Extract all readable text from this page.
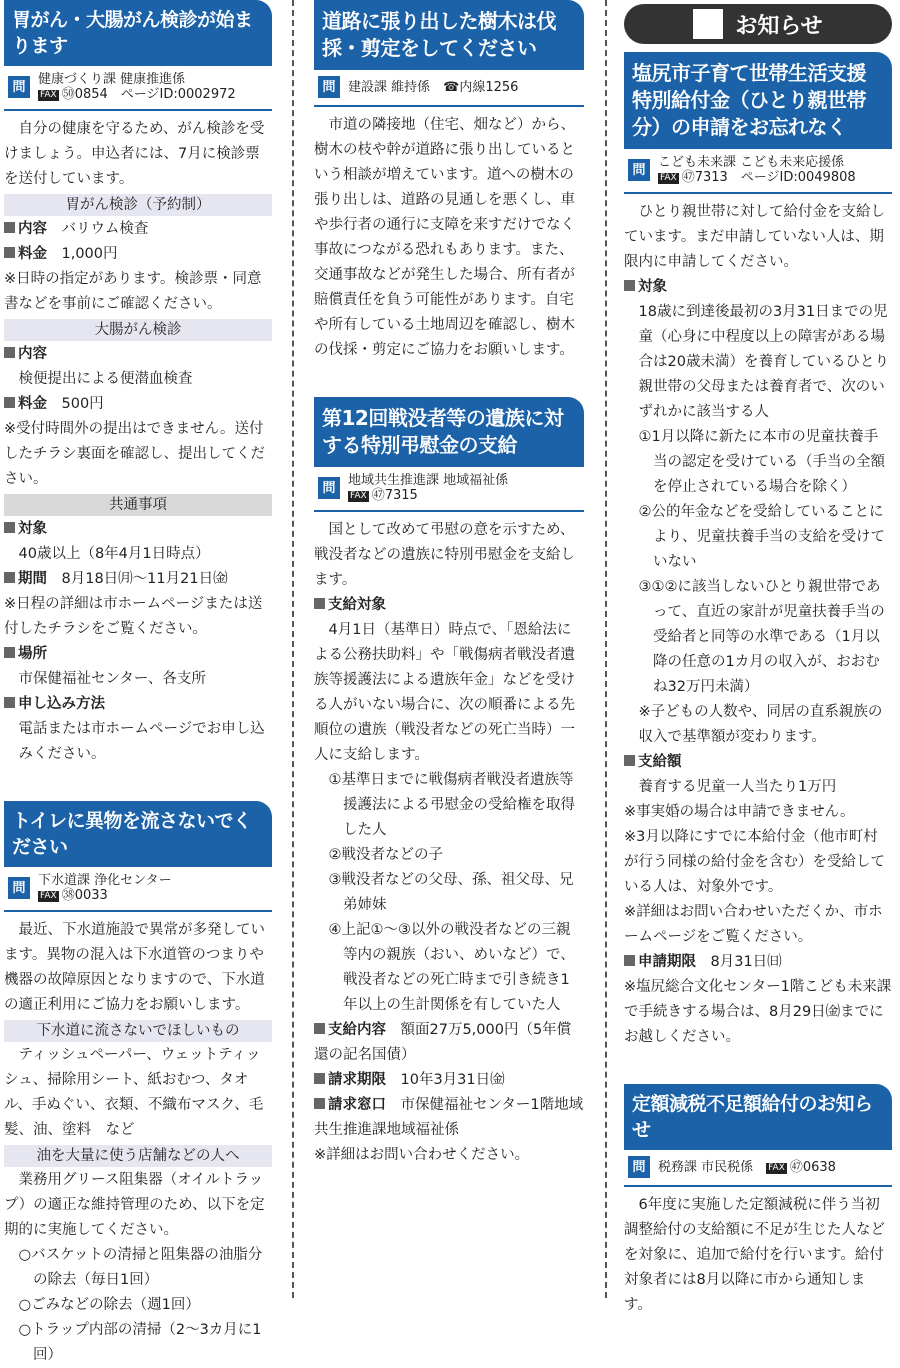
胃がん・大腸がん検診が始まります
問 健康づくり課 健康推進係
FAX ㊿0854　ページID:0002972

自分の健康を守るため、がん検診を受けましょう。申込者には、7月に検診票を送付しています。

胃がん検診（予約制）

内容　 バリウム検査

料金　 1,000円

※日時の指定があります。検診票・同意書などを事前にご確認ください。

大腸がん検診

内容

検便提出による便潜血検査

料金　 500円

※受付時間外の提出はできません。送付したチラシ裏面を確認し、提出してください。

共通事項

対象

40歳以上（8年4月1日時点）

期間　 8月18日㈪〜11月21日㈮

※日程の詳細は市ホームページまたは送付したチラシをご覧ください。

場所

市保健福祉センター、各支所

申し込み方法

電話または市ホームページでお申し込みください。

トイレに異物を流さないでください
問 下水道課 浄化センター
FAX ㊳0033

最近、下水道施設で異常が多発しています。異物の混入は下水道管のつまりや機器の故障原因となりますので、下水道の適正利用にご協力をお願いします。

下水道に流さないでほしいもの

ティッシュペーパー、ウェットティッシュ、掃除用シート、紙おむつ、タオル、手ぬぐい、衣類、不織布マスク、毛髪、油、塗料　など

油を大量に使う店舗などの人へ

業務用グリース阻集器（オイルトラップ）の適正な維持管理のため、以下を定期的に実施してください。

○バスケットの清掃と阻集器の油脂分の除去（毎日1回）

○ごみなどの除去（週1回）

○トラップ内部の清掃（2〜3カ月に1回）

道路に張り出した樹木は伐採・剪定をしてください
問 建設課 維持係　 ☎内線1256

市道の隣接地（住宅、畑など）から、樹木の枝や幹が道路に張り出しているという相談が増えています。道への樹木の張り出しは、道路の見通しを悪くし、車や歩行者の通行に支障を来すだけでなく事故につながる恐れもあります。また、交通事故などが発生した場合、所有者が賠償責任を負う可能性があります。自宅や所有している土地周辺を確認し、樹木の伐採・剪定にご協力をお願いします。

第12回戦没者等の遺族に対する特別弔慰金の支給
問 地域共生推進課 地域福祉係
FAX ㊼7315

国として改めて弔慰の意を示すため、戦没者などの遺族に特別弔慰金を支給します。

支給対象

4月1日（基準日）時点で、「恩給法による公務扶助料」や「戦傷病者戦没者遺族等援護法による遺族年金」などを受ける人がいない場合に、次の順番による先順位の遺族（戦没者などの死亡当時）一人に支給します。

①基準日までに戦傷病者戦没者遺族等援護法による弔慰金の受給権を取得した人

②戦没者などの子

③戦没者などの父母、孫、祖父母、兄弟姉妹

④上記①〜③以外の戦没者などの三親等内の親族（おい、めいなど）で、戦没者などの死亡時まで引き続き1年以上の生計関係を有していた人

支給内容　 額面27万5,000円（5年償還の記名国債）

請求期限　 10年3月31日㈮

請求窓口　 市保健福祉センター1階地域共生推進課地域福祉係

※詳細はお問い合わせください。

お知らせ
塩尻市子育て世帯生活支援特別給付金（ひとり親世帯分）の申請をお忘れなく
問 こども未来課 こども未来応援係
FAX ㊼7313　ページID:0049808

ひとり親世帯に対して給付金を支給しています。まだ申請していない人は、期限内に申請してください。

対象

18歳に到達後最初の3月31日までの児童（心身に中程度以上の障害がある場合は20歳未満）を養育しているひとり親世帯の父母または養育者で、次のいずれかに該当する人

①1月以降に新たに本市の児童扶養手当の認定を受けている（手当の全額を停止されている場合を除く）

②公的年金などを受給していることにより、児童扶養手当の支給を受けていない

③①②に該当しないひとり親世帯であって、直近の家計が児童扶養手当の受給者と同等の水準である（1月以降の任意の1カ月の収入が、おおむね32万円未満）

※子どもの人数や、同居の直系親族の収入で基準額が変わります。

支給額

養育する児童一人当たり1万円

※事実婚の場合は申請できません。

※3月以降にすでに本給付金（他市町村が行う同様の給付金を含む）を受給している人は、対象外です。

※詳細はお問い合わせいただくか、市ホームページをご覧ください。

申請期限　 8月31日㈰

※塩尻総合文化センター1階こども未来課で手続きする場合は、8月29日㈮までにお越しください。

定額減税不足額給付のお知らせ
問 税務課 市民税係　 FAX ㊼0638

6年度に実施した定額減税に伴う当初調整給付の支給額に不足が生じた人などを対象に、追加で給付を行います。給付対象者には8月以降に市から通知します。
